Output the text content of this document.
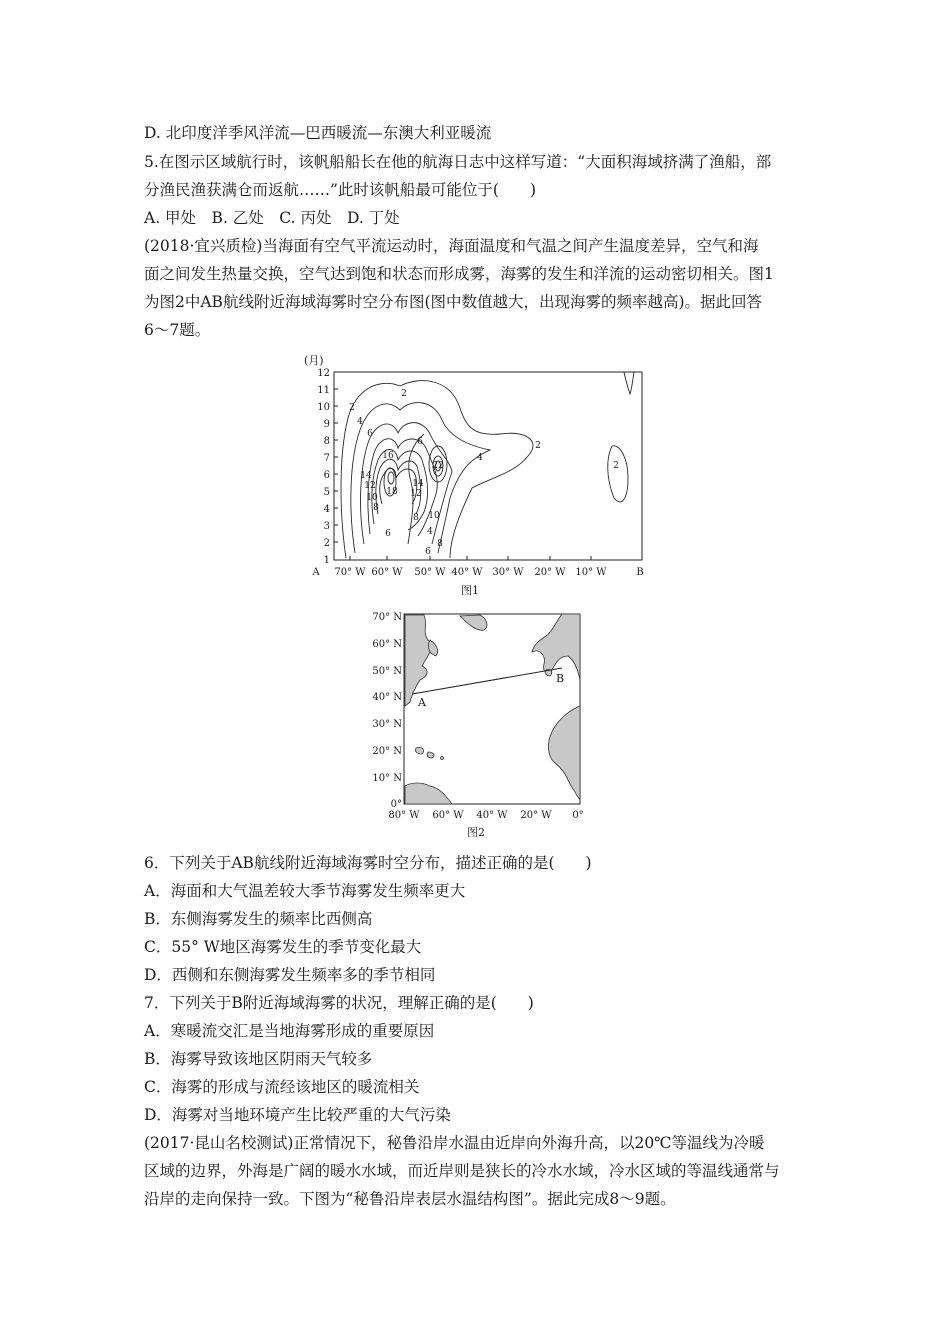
D. 北印度洋季风洋流—巴西暖流—东澳大利亚暖流
5.在图示区域航行时，该帆船船长在他的航海日志中这样写道：“大面积海域挤满了渔船，部
分渔民渔获满仓而返航……”此时该帆船最可能位于(　　)
A. 甲处　B. 乙处　C. 丙处　D. 丁处
(2018·宜兴质检)当海面有空气平流运动时，海面温度和气温之间产生温度差异，空气和海
面之间发生热量交换，空气达到饱和状态而形成雾，海雾的发生和洋流的运动密切相关。图1
为图2中AB航线附近海域海雾时空分布图(图中数值越大，出现海雾的频率越高)。据此回答
6～7题。
(月)
12
11
10
9
8
7
6
5
4
3
2
1
A 70° W 60° W 50° W 40° W 30° W 20° W 10° W	B
图1
2
2
2
4
4
6
6
8
8
10
10
12
12
14
14
16
18
22	2
4
6
8
6
70° N
60° N
50° N
40° N
30° N
20° N
10° N
0°
80° W 60° W 40° W 20° W 0°
图2
A
B
6．下列关于AB航线附近海域海雾时空分布，描述正确的是(　　)
A．海面和大气温差较大季节海雾发生频率更大
B．东侧海雾发生的频率比西侧高
C．55° W地区海雾发生的季节变化最大
D．西侧和东侧海雾发生频率多的季节相同
7．下列关于B附近海域海雾的状况，理解正确的是(　　)
A．寒暖流交汇是当地海雾形成的重要原因
B．海雾导致该地区阴雨天气较多
C．海雾的形成与流经该地区的暖流相关
D．海雾对当地环境产生比较严重的大气污染
(2017·昆山名校测试)正常情况下，秘鲁沿岸水温由近岸向外海升高，以20℃等温线为冷暖
区域的边界，外海是广阔的暖水水域，而近岸则是狭长的冷水水域，冷水区域的等温线通常与
沿岸的走向保持一致。下图为“秘鲁沿岸表层水温结构图”。据此完成8～9题。
